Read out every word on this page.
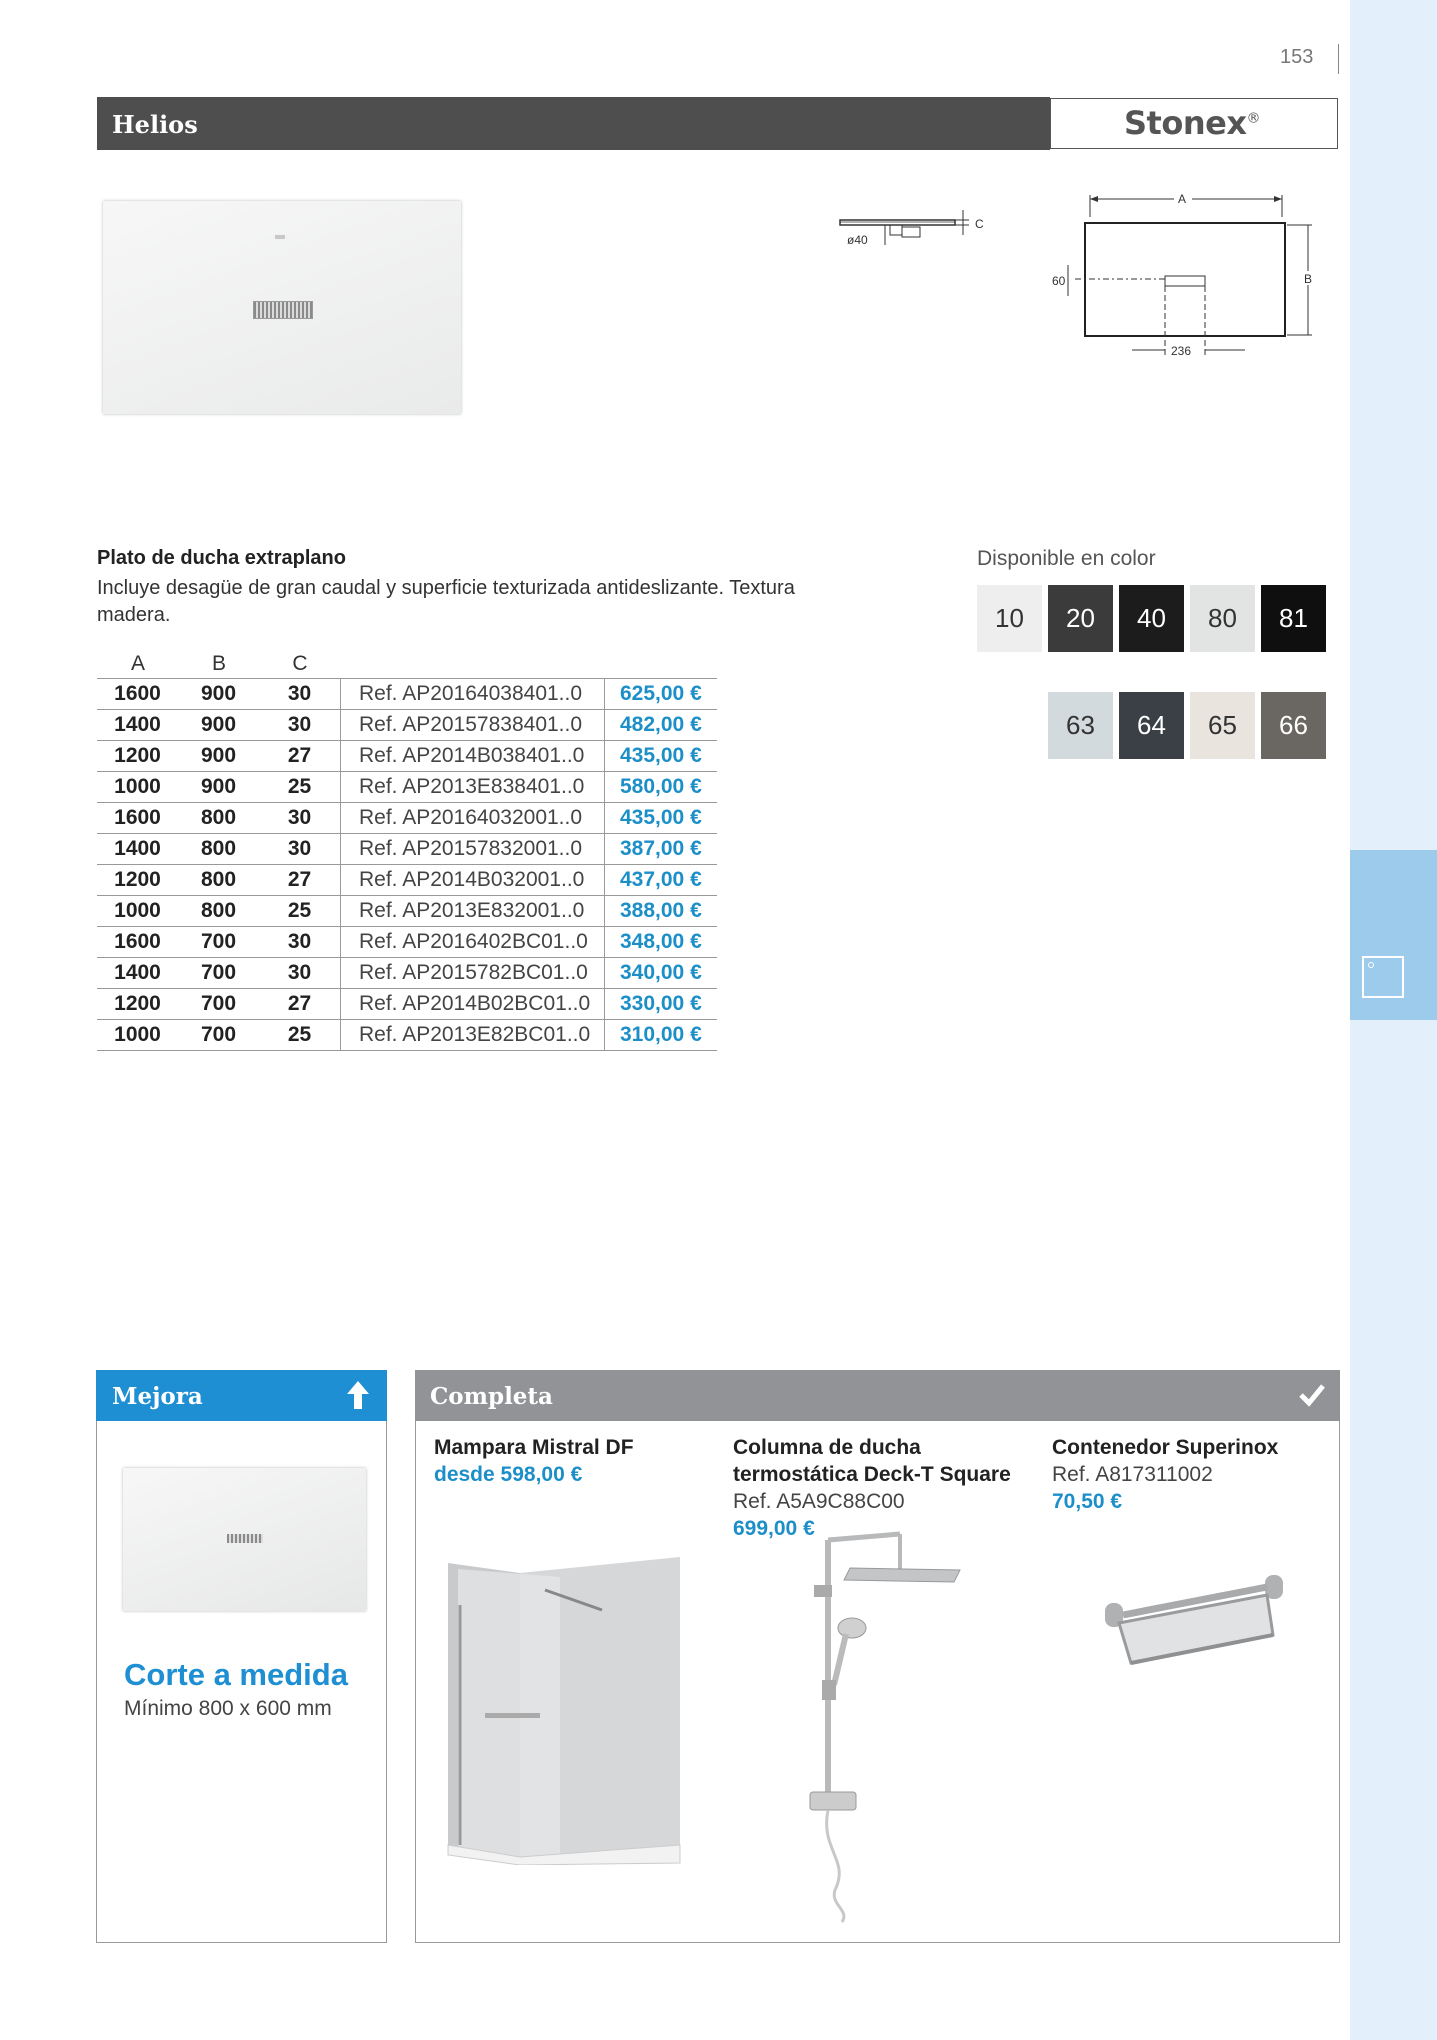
153
Helios	Stonex®
ø40
C
A
B
60
236
Plato de ducha extraplano
Incluye desagüe de gran caudal y superficie texturizada antideslizante. Textura madera.
A	B	C
1600	900	30	Ref. AP20164038401..0	625,00 €
1400	900	30	Ref. AP20157838401..0	482,00 €
1200	900	27	Ref. AP2014B038401..0	435,00 €
1000	900	25	Ref. AP2013E838401..0	580,00 €
1600	800	30	Ref. AP20164032001..0	435,00 €
1400	800	30	Ref. AP20157832001..0	387,00 €
1200	800	27	Ref. AP2014B032001..0	437,00 €
1000	800	25	Ref. AP2013E832001..0	388,00 €
1600	700	30	Ref. AP2016402BC01..0	348,00 €
1400	700	30	Ref. AP2015782BC01..0	340,00 €
1200	700	27	Ref. AP2014B02BC01..0	330,00 €
1000	700	25	Ref. AP2013E82BC01..0	310,00 €
Disponible en color
10	20	40	80	81
63	64	65	66
Mejora
Corte a medida
Mínimo 800 x 600 mm
Completa
Mampara Mistral DF
desde 598,00 €
Columna de ducha termostática Deck-T Square
Ref. A5A9C88C00
699,00 €
Contenedor Superinox
Ref. A817311002
70,50 €
